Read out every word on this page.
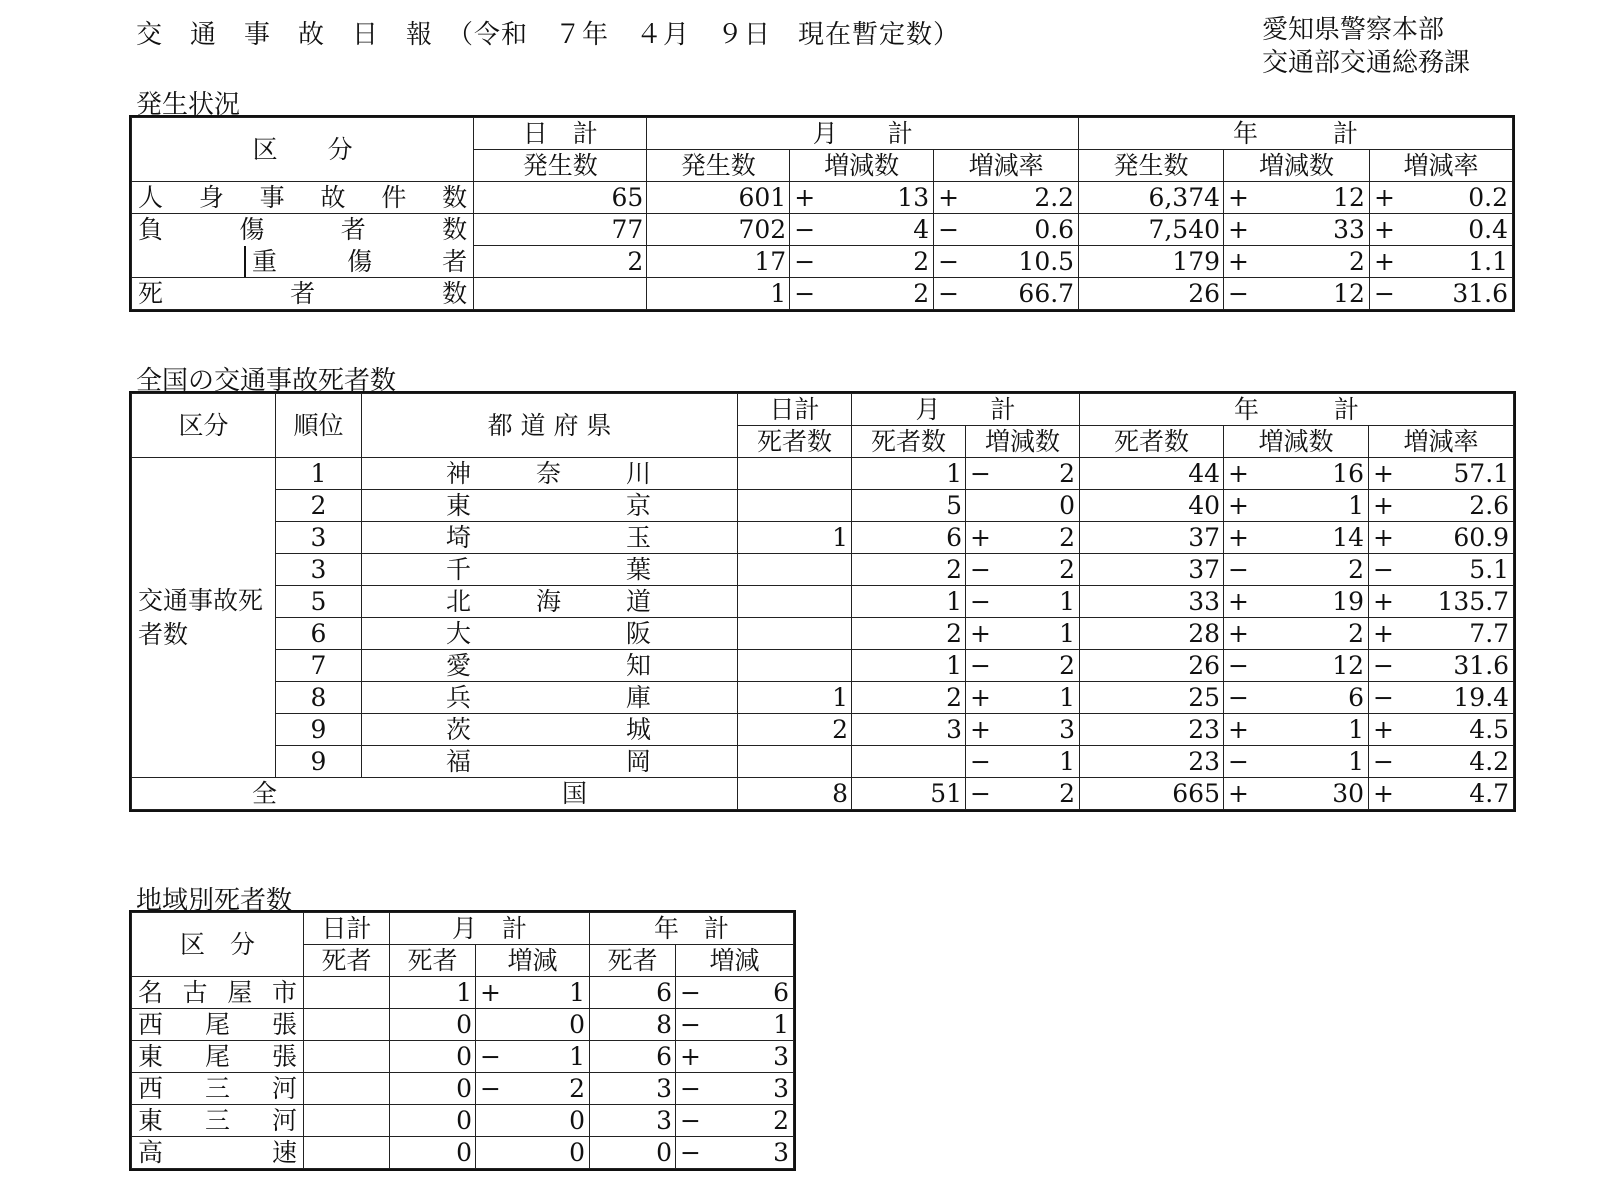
交　通　事　故　日　報　（令和　７年　４月　９日　現在暫定数）	愛知県警察本部
交通部交通総務課
発生状況
区　　分	日　計	月　　計					年　　　計				
	発生数	発生数	増減数		増減率		発生数	増減数		増減率	
人身事故件数	65	601	+	13	+	2.2	6,374	+	12	+	0.2
負傷者数	77	702	−	4	−	0.6	7,540	+	33	+	0.4

重傷者	2	17	−	2	−	10.5	179	+	2	+	1.1
死者数		1	−	2	−	66.7	26	−	12	−	31.6
全国の交通事故死者数
区分	順位	都 道 府 県	日計	月　　計			年　　　計				
			死者数	死者数	増減数		死者数	増減数		増減率	
交通事故死者数	1	神奈川		1	−	2	44	+	16	+	57.1
	2	東京		5		0	40	+	1	+	2.6
	3	埼玉	1	6	+	2	37	+	14	+	60.9
	3	千葉		2	−	2	37	−	2	−	5.1
	5	北海道		1	−	1	33	+	19	+	135.7
	6	大阪		2	+	1	28	+	2	+	7.7
	7	愛知		1	−	2	26	−	12	−	31.6
	8	兵庫	1	2	+	1	25	−	6	−	19.4
	9	茨城	2	3	+	3	23	+	1	+	4.5
	9	福岡			−	1	23	−	1	−	4.2
全国			8	51	−	2	665	+	30	+	4.7
地域別死者数
区　分	日計	月　計			年　計		
	死者	死者	増減		死者	増減	
名古屋市		1	+	1	6	−	6
西尾張		0		0	8	−	1
東尾張		0	−	1	6	+	3
西三河		0	−	2	3	−	3
東三河		0		0	3	−	2
高速		0		0	0	−	3
